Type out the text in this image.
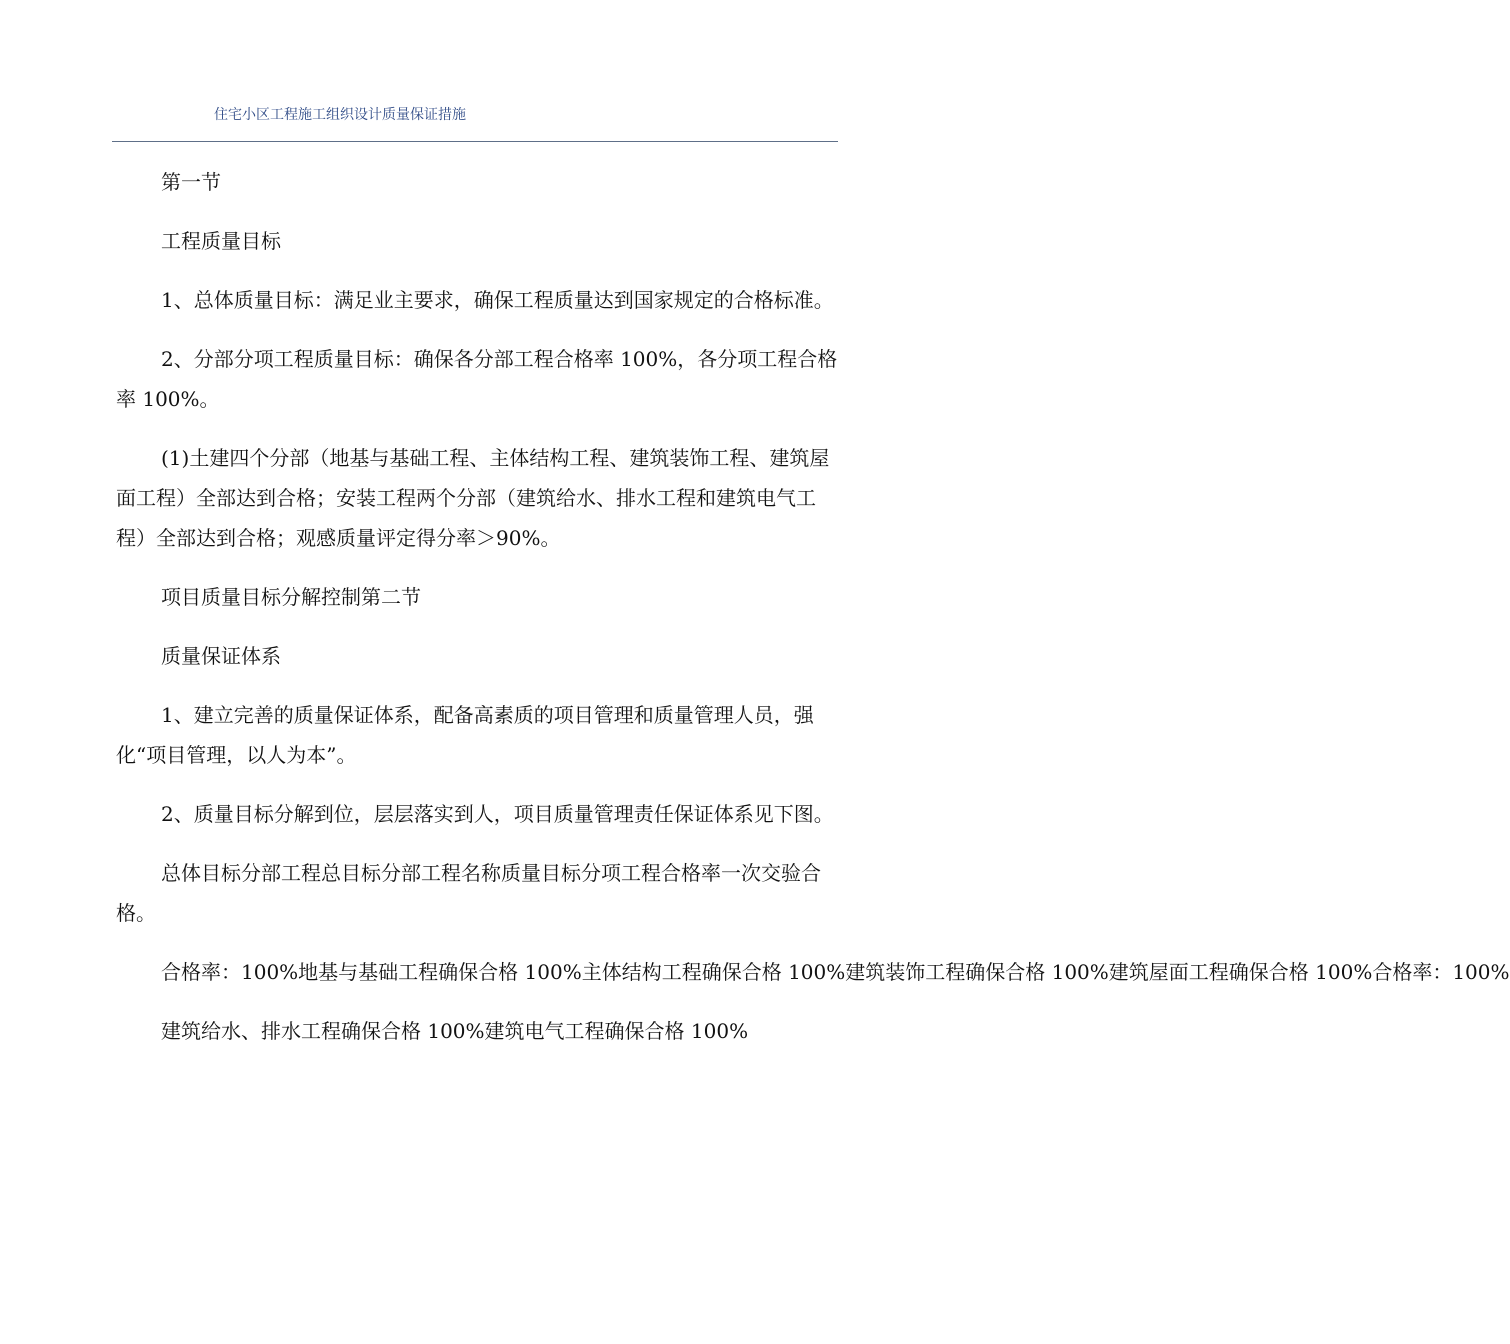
住宅小区工程施工组织设计质量保证措施

第一节

工程质量目标

1、总体质量目标：满足业主要求，确保工程质量达到国家规定的合格标准。

2、分部分项工程质量目标：确保各分部工程合格率 100%，各分项工程合格率 100%。

(1)土建四个分部（地基与基础工程、主体结构工程、建筑装饰工程、建筑屋面工程）全部达到合格；安装工程两个分部（建筑给水、排水工程和建筑电气工程）全部达到合格；观感质量评定得分率＞90%。

项目质量目标分解控制第二节

质量保证体系

1、建立完善的质量保证体系，配备高素质的项目管理和质量管理人员，强化“项目管理，以人为本”。

2、质量目标分解到位，层层落实到人，项目质量管理责任保证体系见下图。

总体目标分部工程总目标分部工程名称质量目标分项工程合格率一次交验合格。

合格率：100%地基与基础工程确保合格 100%主体结构工程确保合格 100%建筑装饰工程确保合格 100%建筑屋面工程确保合格 100%合格率：100%

建筑给水、排水工程确保合格 100%建筑电气工程确保合格 100%
